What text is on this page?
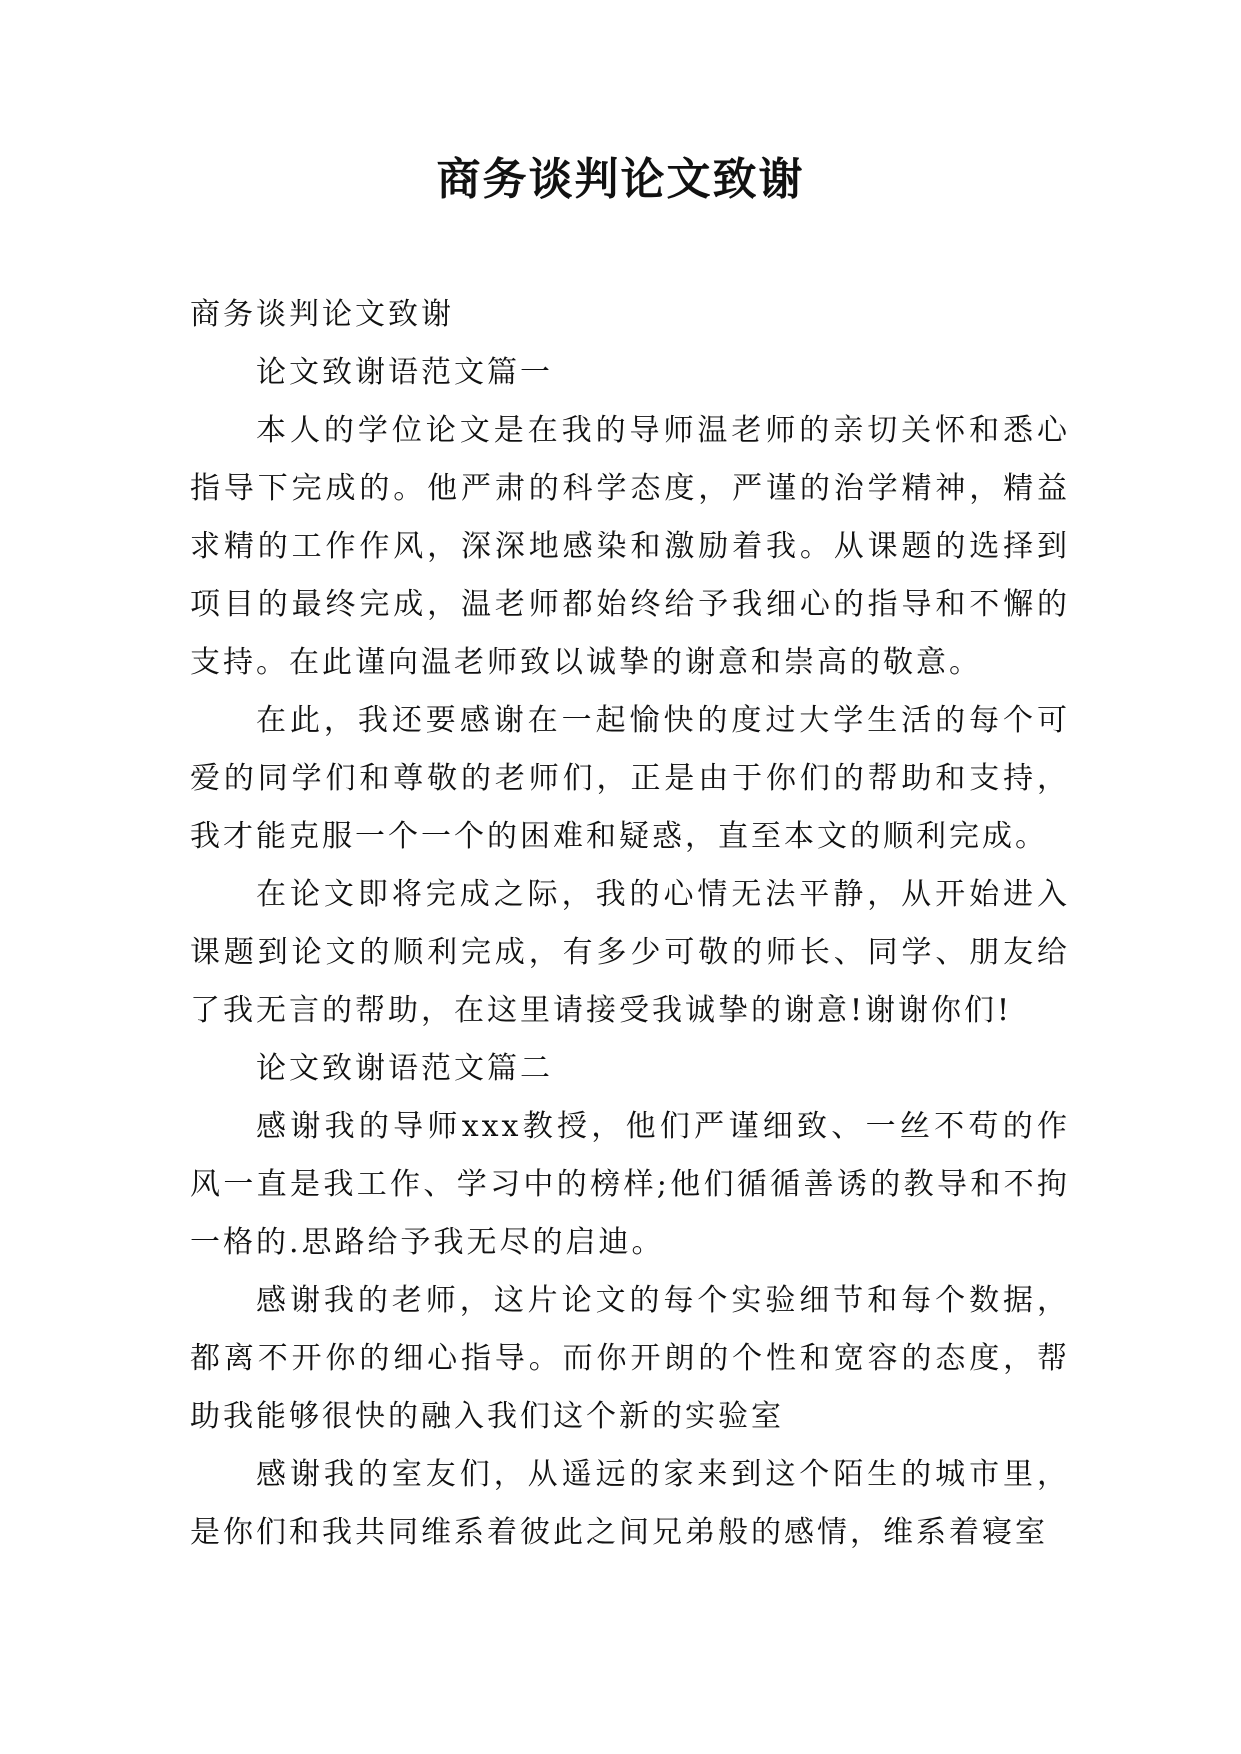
商务谈判论文致谢

商务谈判论文致谢

论文致谢语范文篇一

本人的学位论文是在我的导师温老师的亲切关怀和悉心指导下完成的。他严肃的科学态度，严谨的治学精神，精益求精的工作作风，深深地感染和激励着我。从课题的选择到项目的最终完成，温老师都始终给予我细心的指导和不懈的支持。在此谨向温老师致以诚挚的谢意和崇高的敬意。

在此，我还要感谢在一起愉快的度过大学生活的每个可爱的同学们和尊敬的老师们，正是由于你们的帮助和支持，我才能克服一个一个的困难和疑惑，直至本文的顺利完成。

在论文即将完成之际，我的心情无法平静，从开始进入课题到论文的顺利完成，有多少可敬的师长、同学、朋友给了我无言的帮助，在这里请接受我诚挚的谢意!谢谢你们!

论文致谢语范文篇二

感谢我的导师xxx教授，他们严谨细致、一丝不苟的作风一直是我工作、学习中的榜样;他们循循善诱的教导和不拘一格的.思路给予我无尽的启迪。

感谢我的老师，这片论文的每个实验细节和每个数据，都离不开你的细心指导。而你开朗的个性和宽容的态度，帮助我能够很快的融入我们这个新的实验室

感谢我的室友们，从遥远的家来到这个陌生的城市里，是你们和我共同维系着彼此之间兄弟般的感情，维系着寝室
